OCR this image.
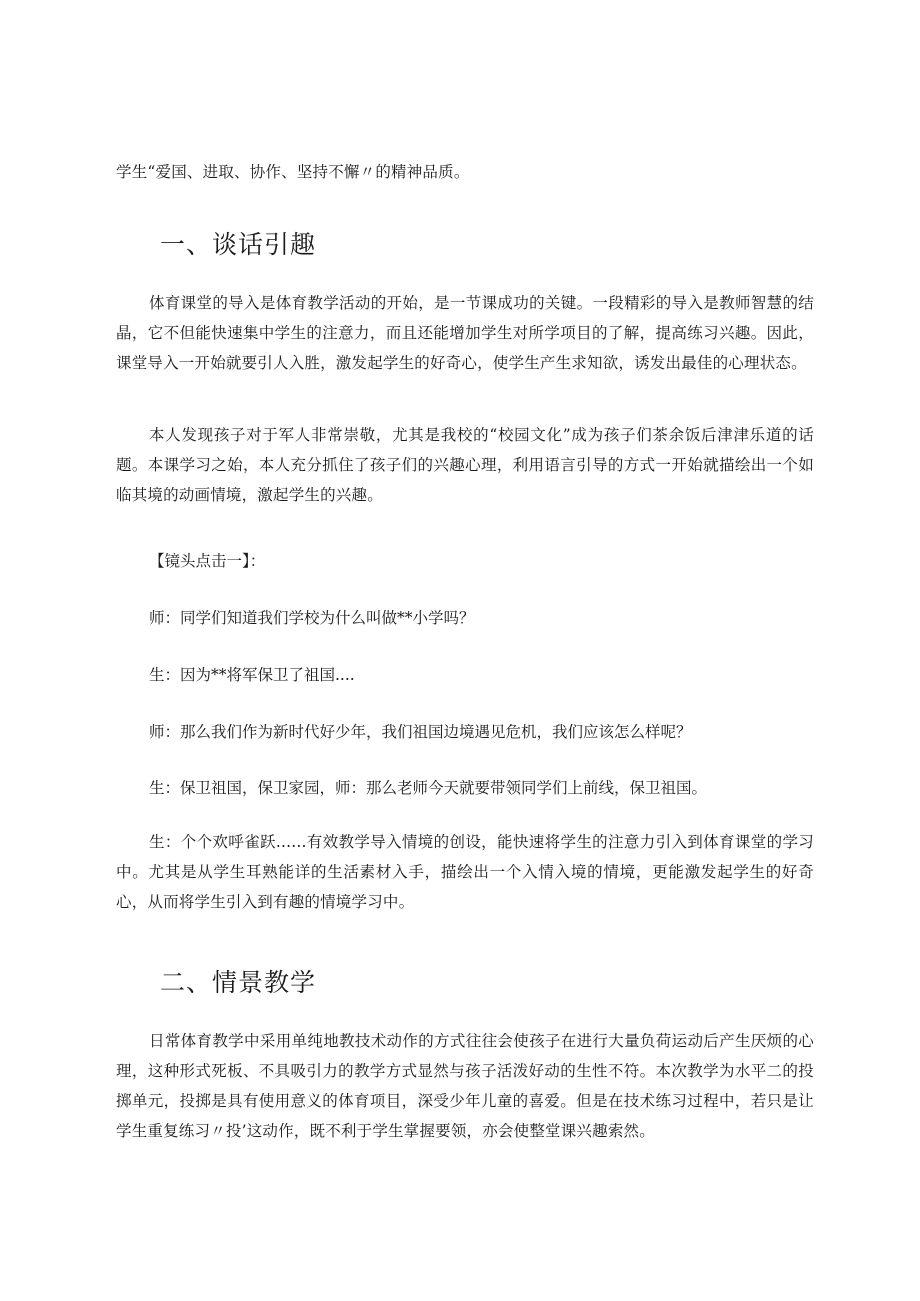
学生“爱国、进取、协作、坚持不懈〃的精神品质。

一、谈话引趣

体育课堂的导入是体育教学活动的开始，是一节课成功的关键。一段精彩的导入是教师智慧的结晶，它不但能快速集中学生的注意力，而且还能增加学生对所学项目的了解，提高练习兴趣。因此，课堂导入一开始就要引人入胜，激发起学生的好奇心，使学生产生求知欲，诱发出最佳的心理状态。

本人发现孩子对于军人非常崇敬，尤其是我校的“校园文化”成为孩子们茶余饭后津津乐道的话题。本课学习之始，本人充分抓住了孩子们的兴趣心理，利用语言引导的方式一开始就描绘出一个如临其境的动画情境，激起学生的兴趣。

【镜头点击一】：

师：同学们知道我们学校为什么叫做**小学吗？

生：因为**将军保卫了祖国....

师：那么我们作为新时代好少年，我们祖国边境遇见危机，我们应该怎么样呢？

生：保卫祖国，保卫家园，师：那么老师今天就要带领同学们上前线，保卫祖国。

生：个个欢呼雀跃......有效教学导入情境的创设，能快速将学生的注意力引入到体育课堂的学习中。尤其是从学生耳熟能详的生活素材入手，描绘出一个入情入境的情境，更能激发起学生的好奇心，从而将学生引入到有趣的情境学习中。

二、情景教学

日常体育教学中采用单纯地教技术动作的方式往往会使孩子在进行大量负荷运动后产生厌烦的心理，这种形式死板、不具吸引力的教学方式显然与孩子活泼好动的生性不符。本次教学为水平二的投掷单元，投掷是具有使用意义的体育项目，深受少年儿童的喜爱。但是在技术练习过程中，若只是让学生重复练习〃投’这动作，既不利于学生掌握要领，亦会使整堂课兴趣索然。
